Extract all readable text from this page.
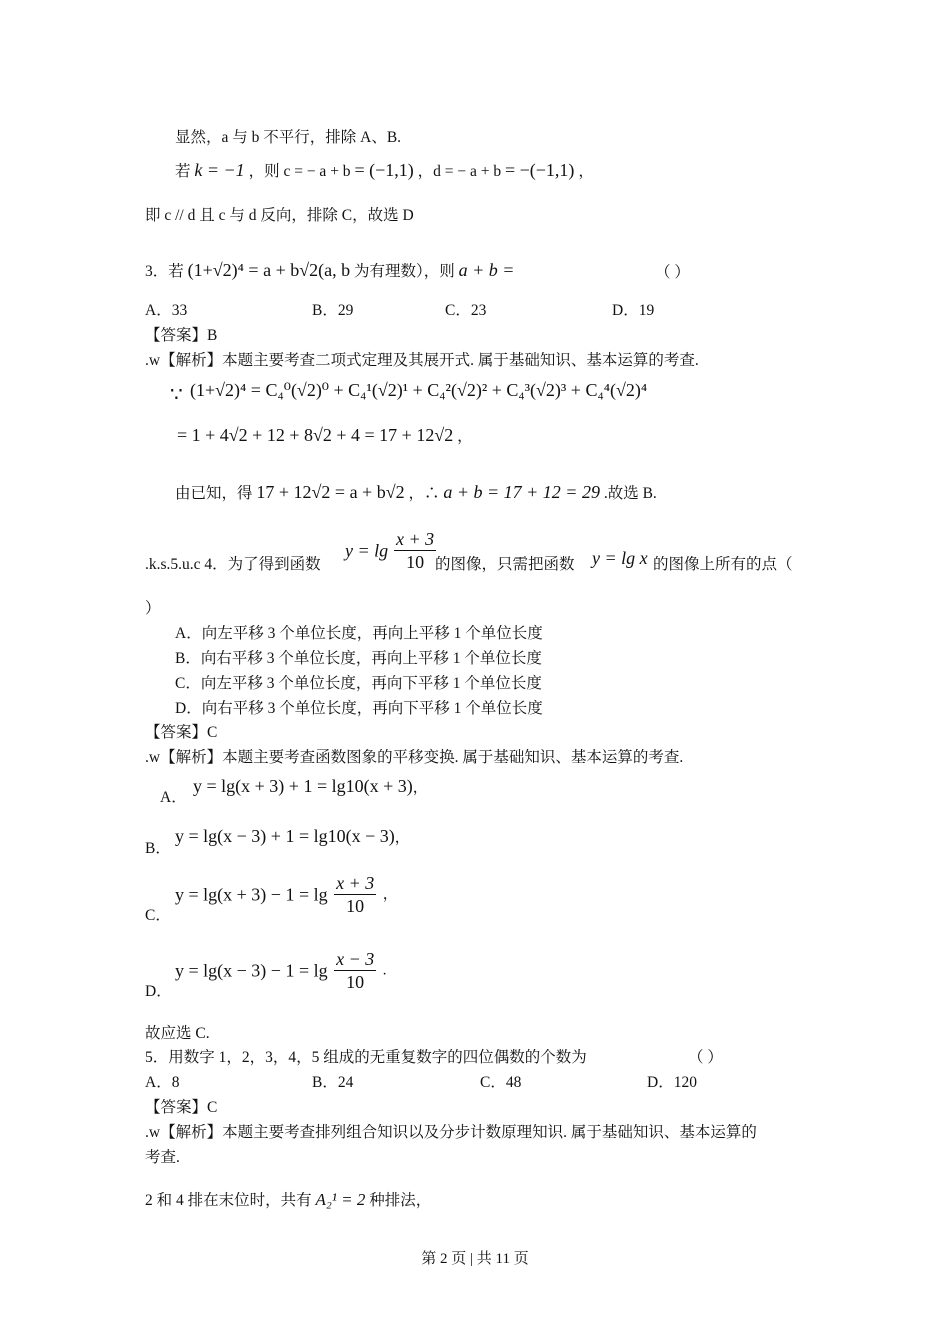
显然，a 与 b 不平行，排除 A、B.
若 k = −1 ，则 c = − a + b = (−1,1) ，d = − a + b = −(−1,1) ，
即 c // d 且 c 与 d 反向，排除 C，故选 D
3．若 (1+√2)⁴ = a + b√2(a, b 为有理数），则 a + b =	（ ）
A．33	B．29	C．23	D．19
【答案】B
.w【解析】本题主要考查二项式定理及其展开式. 属于基础知识、基本运算的考查.
∵ (1+√2)⁴ = C₄⁰(√2)⁰ + C₄¹(√2)¹ + C₄²(√2)² + C₄³(√2)³ + C₄⁴(√2)⁴
= 1 + 4√2 + 12 + 8√2 + 4 = 17 + 12√2 ，
由已知，得 17 + 12√2 = a + b√2 ，∴ a + b = 17 + 12 = 29 .故选 B.
.k.s.5.u.c 4．为了得到函数
$y = \lg \frac{x + 3}{10}$
的图像，只需把函数 y = lg x 的图像上所有的点（
）
A．向左平移 3 个单位长度，再向上平移 1 个单位长度
B．向右平移 3 个单位长度，再向上平移 1 个单位长度
C．向左平移 3 个单位长度，再向下平移 1 个单位长度
D．向右平移 3 个单位长度，再向下平移 1 个单位长度
【答案】C
.w【解析】本题主要考查函数图象的平移变换. 属于基础知识、基本运算的考查.
A．
y = lg(x + 3) + 1 = lg10(x + 3)，
B．
y = lg(x − 3) + 1 = lg10(x − 3)，
C．
$y = \lg(x + 3) - 1 = \lg \frac{x + 3}{10}$ ，
D．
$y = \lg(x - 3) - 1 = \lg \frac{x - 3}{10}$ .
故应选 C.
5．用数字 1，2，3，4，5 组成的无重复数字的四位偶数的个数为	（ ）
A．8	B．24	C．48	D．120
【答案】C
.w【解析】本题主要考查排列组合知识以及分步计数原理知识. 属于基础知识、基本运算的
考查.
2 和 4 排在末位时，共有 A₂¹ = 2 种排法，
第 2 页 | 共 11 页
